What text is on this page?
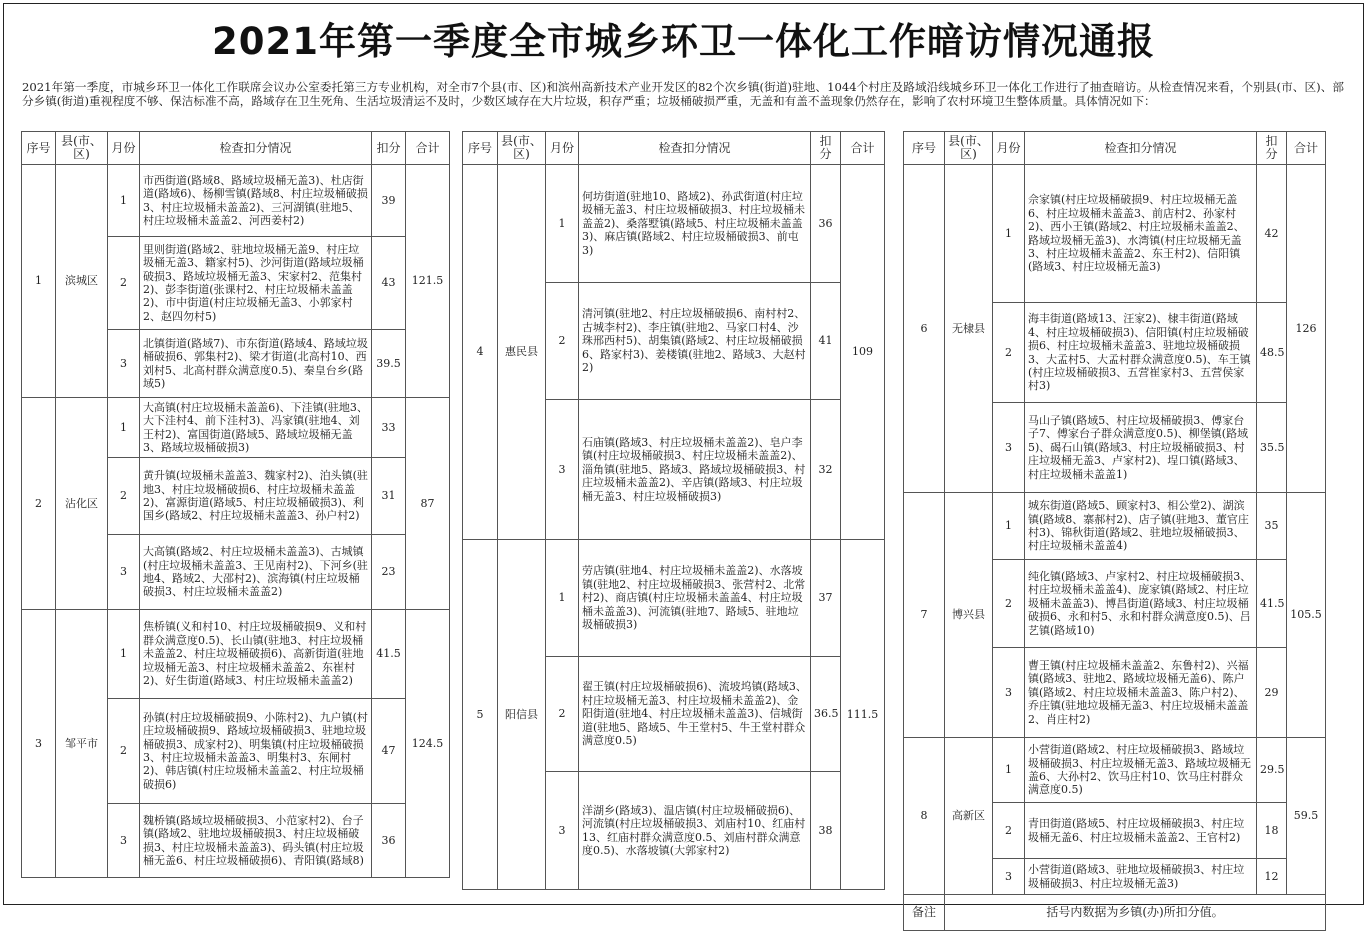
2021年第一季度全市城乡环卫一体化工作暗访情况通报

2021年第一季度，市城乡环卫一体化工作联席会议办公室委托第三方专业机构，对全市7个县(市、区)和滨州高新技术产业开发区的82个次乡镇(街道)驻地、1044个村庄及路域沿线城乡环卫一体化工作进行了抽查暗访。从检查情况来看，个别县(市、区)、部分乡镇(街道)重视程度不够、保洁标准不高，路域存在卫生死角、生活垃圾清运不及时，少数区域存在大片垃圾，积存严重；垃圾桶破损严重，无盖和有盖不盖现象仍然存在，影响了农村环境卫生整体质量。具体情况如下：

序号	县(市、区)	月份	检查扣分情况	扣分	合计
1	滨城区	1	市西街道(路域8、路域垃圾桶无盖3)、杜店街道(路域6)、杨柳雪镇(路域8、村庄垃圾桶破损3、村庄垃圾桶未盖盖2)、三河湖镇(驻地5、村庄垃圾桶未盖盖2、河西姜村2)	39	121.5
		2	里则街道(路域2、驻地垃圾桶无盖9、村庄垃圾桶无盖3、籍家村5)、沙河街道(路域垃圾桶破损3、路域垃圾桶无盖3、宋家村2、范集村2)、彭李街道(张课村2、村庄垃圾桶未盖盖2)、市中街道(村庄垃圾桶无盖3、小郭家村2、赵四勿村5)	43	
		3	北镇街道(路域7)、市东街道(路域4、路域垃圾桶破损6、郭集村2)、梁才街道(北高村10、西刘村5、北高村群众满意度0.5)、秦皇台乡(路域5)	39.5	
2	沾化区	1	大高镇(村庄垃圾桶未盖盖6)、下洼镇(驻地3、大下洼村4、前下洼村3)、冯家镇(驻地4、刘王村2)、富国街道(路域5、路域垃圾桶无盖3、路域垃圾桶破损3)	33	87
		2	黄升镇(垃圾桶未盖盖3、魏家村2)、泊头镇(驻地3、村庄垃圾桶破损6、村庄垃圾桶未盖盖2)、富源街道(路域5、村庄垃圾桶破损3)、利国乡(路域2、村庄垃圾桶未盖盖3、孙户村2)	31	
		3	大高镇(路域2、村庄垃圾桶未盖盖3)、古城镇(村庄垃圾桶未盖盖3、王见南村2)、下河乡(驻地4、路域2、大邵村2)、滨海镇(村庄垃圾桶破损3、村庄垃圾桶未盖盖2)	23	
3	邹平市	1	焦桥镇(义和村10、村庄垃圾桶破损9、义和村群众满意度0.5)、长山镇(驻地3、村庄垃圾桶未盖盖2、村庄垃圾桶破损6)、高新街道(驻地垃圾桶无盖3、村庄垃圾桶未盖盖2、东崔村2)、好生街道(路域3、村庄垃圾桶未盖盖2)	41.5	124.5
		2	孙镇(村庄垃圾桶破损9、小陈村2)、九户镇(村庄垃圾桶破损9、路域垃圾桶破损3、驻地垃圾桶破损3、成家村2)、明集镇(村庄垃圾桶破损3、村庄垃圾桶未盖盖3、明集村3、东闸村2)、韩店镇(村庄垃圾桶未盖盖2、村庄垃圾桶破损6)	47	
		3	魏桥镇(路域垃圾桶破损3、小范家村2)、台子镇(路域2、驻地垃圾桶破损3、村庄垃圾桶破损3、村庄垃圾桶未盖盖3)、码头镇(村庄垃圾桶无盖6、村庄垃圾桶破损6)、青阳镇(路域8)	36	
序号	县(市、区)	月份	检查扣分情况	扣分	合计
4	惠民县	1	何坊街道(驻地10、路域2)、孙武街道(村庄垃圾桶无盖3、村庄垃圾桶破损3、村庄垃圾桶未盖盖2)、桑落墅镇(路域5、村庄垃圾桶未盖盖3)、麻店镇(路域2、村庄垃圾桶破损3、前屯3)	36	109
		2	清河镇(驻地2、村庄垃圾桶破损6、南村村2、古城李村2)、李庄镇(驻地2、马家口村4、沙珠邢西村5)、胡集镇(路域2、村庄垃圾桶破损6、路家村3)、姜楼镇(驻地2、路域3、大赵村2)	41	
		3	石庙镇(路域3、村庄垃圾桶未盖盖2)、皂户李镇(村庄垃圾桶破损3、村庄垃圾桶未盖盖2)、淄角镇(驻地5、路域3、路域垃圾桶破损3、村庄垃圾桶未盖盖2)、辛店镇(路域3、村庄垃圾桶无盖3、村庄垃圾桶破损3)	32	
5	阳信县	1	劳店镇(驻地4、村庄垃圾桶未盖盖2)、水落坡镇(驻地2、村庄垃圾桶破损3、张营村2、北常村2)、商店镇(村庄垃圾桶未盖盖4、村庄垃圾桶未盖盖3)、河流镇(驻地7、路域5、驻地垃圾桶破损3)	37	111.5
		2	翟王镇(村庄垃圾桶破损6)、流坡坞镇(路域3、村庄垃圾桶无盖3、村庄垃圾桶未盖盖2)、金阳街道(驻地4、村庄垃圾桶未盖盖3)、信城街道(驻地5、路域5、牛王堂村5、牛王堂村群众满意度0.5)	36.5	
		3	洋湖乡(路域3)、温店镇(村庄垃圾桶破损6)、河流镇(村庄垃圾桶破损3、刘庙村10、红庙村13、红庙村群众满意度0.5、刘庙村群众满意度0.5)、水落坡镇(大郭家村2)	38	
序号	县(市、区)	月份	检查扣分情况	扣分	合计
6	无棣县	1	佘家镇(村庄垃圾桶破损9、村庄垃圾桶无盖6、村庄垃圾桶未盖盖3、前店村2、孙家村2)、西小王镇(路域2、村庄垃圾桶未盖盖2、路域垃圾桶无盖3)、水湾镇(村庄垃圾桶无盖3、村庄垃圾桶未盖盖2、东王村2)、信阳镇(路域3、村庄垃圾桶无盖3)	42	126
		2	海丰街道(路域13、汪家2)、棣丰街道(路域4、村庄垃圾桶破损3)、信阳镇(村庄垃圾桶破损6、村庄垃圾桶未盖盖3、驻地垃圾桶破损3、大孟村5、大孟村群众满意度0.5)、车王镇(村庄垃圾桶破损3、五营崔家村3、五营侯家村3)	48.5	
		3	马山子镇(路域5、村庄垃圾桶破损3、傅家台子7、傅家台子群众满意度0.5)、柳堡镇(路域5)、碣石山镇(路域3、村庄垃圾桶破损3、村庄垃圾桶无盖3、卢家村2)、埕口镇(路域3、村庄垃圾桶未盖盖1)	35.5	
7	博兴县	1	城东街道(路域5、顾家村3、相公堂2)、湖滨镇(路域8、寨郝村2)、店子镇(驻地3、董官庄村3)、锦秋街道(路域2、驻地垃圾桶破损3、村庄垃圾桶未盖盖4)	35	105.5
		2	纯化镇(路域3、卢家村2、村庄垃圾桶破损3、村庄垃圾桶未盖盖4)、庞家镇(路域2、村庄垃圾桶未盖盖3)、博昌街道(路域3、村庄垃圾桶破损6、永和村5、永和村群众满意度0.5)、吕艺镇(路域10)	41.5	
		3	曹王镇(村庄垃圾桶未盖盖2、东鲁村2)、兴福镇(路域3、驻地2、路域垃圾桶无盖6)、陈户镇(路域2、村庄垃圾桶未盖盖3、陈户村2)、乔庄镇(驻地垃圾桶无盖3、村庄垃圾桶未盖盖2、肖庄村2)	29	
8	高新区	1	小营街道(路域2、村庄垃圾桶破损3、路域垃圾桶破损3、村庄垃圾桶无盖3、路域垃圾桶无盖6、大孙村2、饮马庄村10、饮马庄村群众满意度0.5)	29.5	59.5
		2	青田街道(路域5、村庄垃圾桶破损3、村庄垃圾桶无盖6、村庄垃圾桶未盖盖2、王官村2)	18	
		3	小营街道(路域3、驻地垃圾桶破损3、村庄垃圾桶破损3、村庄垃圾桶无盖3)	12	
备注	括号内数据为乡镇(办)所扣分值。				
